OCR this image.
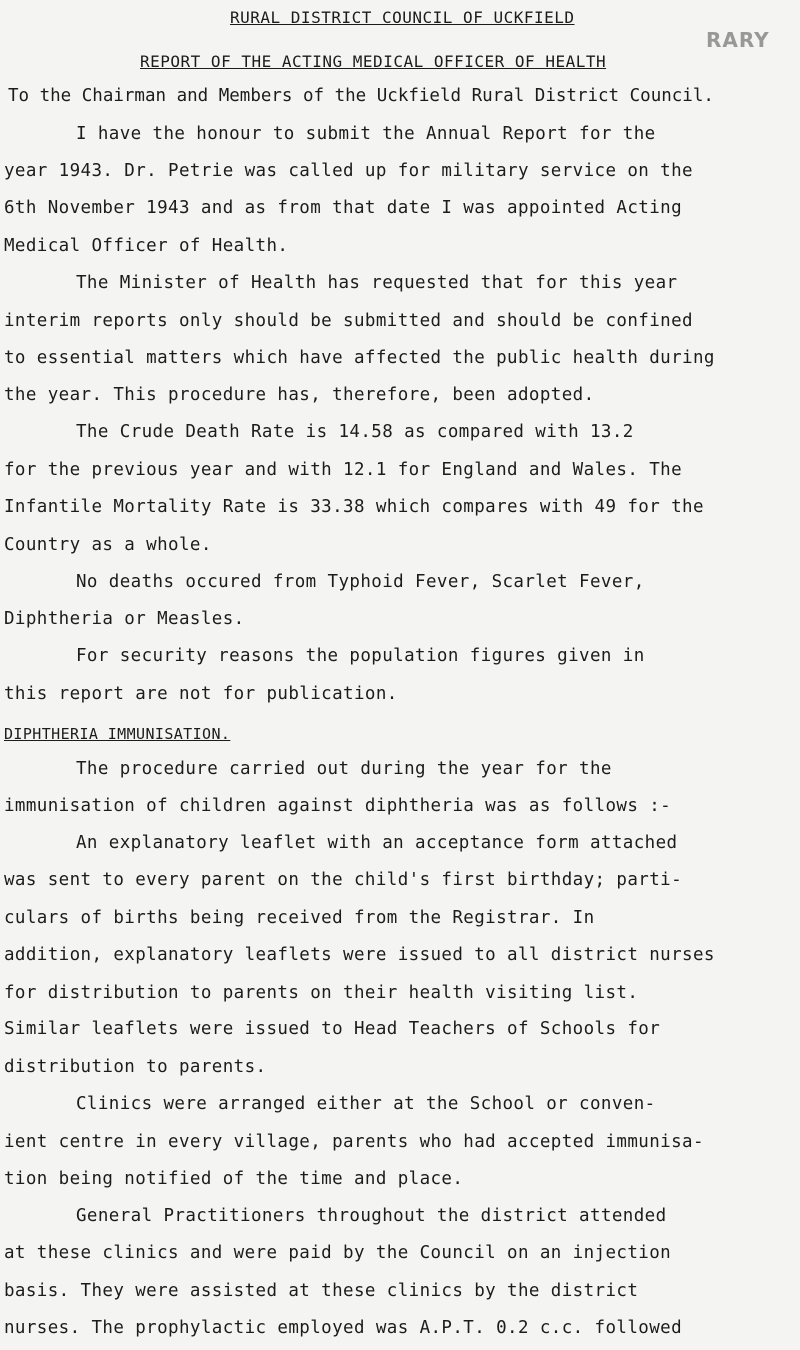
RARY
RURAL DISTRICT COUNCIL OF UCKFIELD
REPORT OF THE ACTING MEDICAL OFFICER OF HEALTH
To the Chairman and Members of the Uckfield Rural District Council.
I have the honour to submit the Annual Report for the
year 1943. Dr. Petrie was called up for military service on the
6th November 1943 and as from that date I was appointed Acting
Medical Officer of Health.
The Minister of Health has requested that for this year
interim reports only should be submitted and should be confined
to essential matters which have affected the public health during
the year. This procedure has, therefore, been adopted.
The Crude Death Rate is 14.58 as compared with 13.2
for the previous year and with 12.1 for England and Wales. The
Infantile Mortality Rate is 33.38 which compares with 49 for the
Country as a whole.
No deaths occured from Typhoid Fever, Scarlet Fever,
Diphtheria or Measles.
For security reasons the population figures given in
this report are not for publication.
DIPHTHERIA IMMUNISATION.
The procedure carried out during the year for the
immunisation of children against diphtheria was as follows :-
An explanatory leaflet with an acceptance form attached
was sent to every parent on the child's first birthday; parti-
culars of births being received from the Registrar. In
addition, explanatory leaflets were issued to all district nurses
for distribution to parents on their health visiting list.
Similar leaflets were issued to Head Teachers of Schools for
distribution to parents.
Clinics were arranged either at the School or conven-
ient centre in every village, parents who had accepted immunisa-
tion being notified of the time and place.
General Practitioners throughout the district attended
at these clinics and were paid by the Council on an injection
basis. They were assisted at these clinics by the district
nurses. The prophylactic employed was A.P.T. 0.2 c.c. followed
